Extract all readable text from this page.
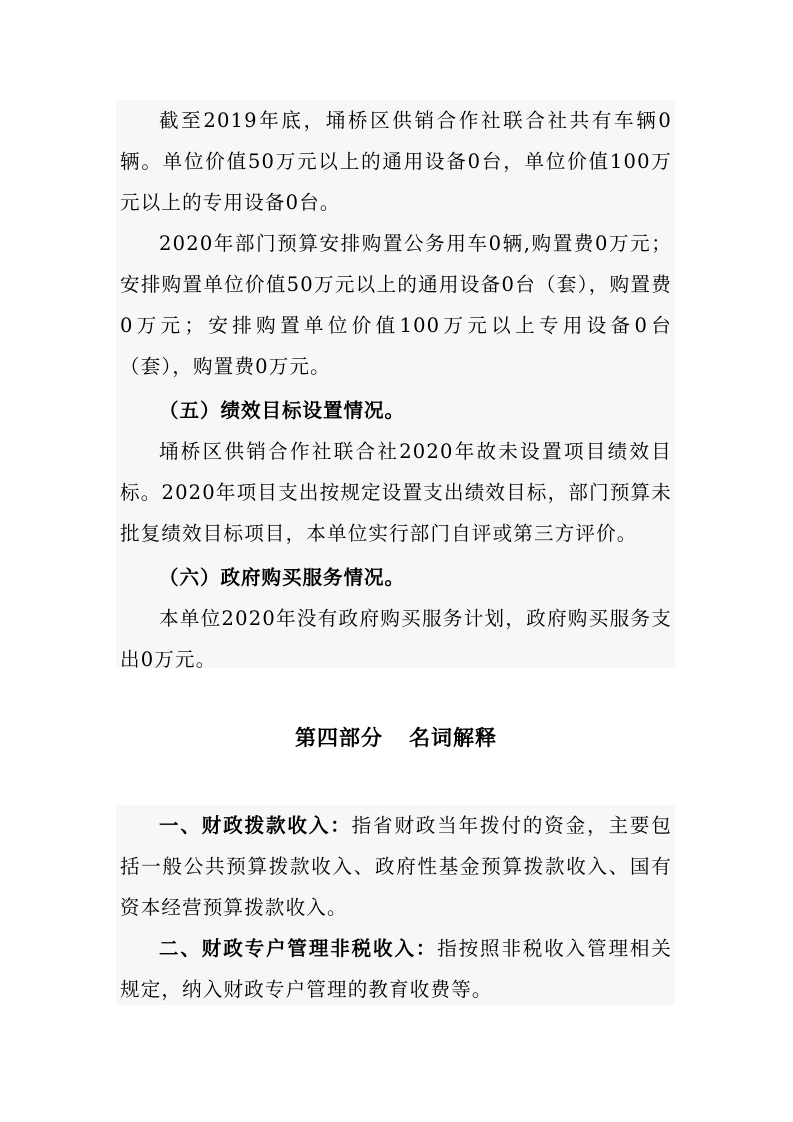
截至2019年底，埇桥区供销合作社联合社共有车辆0辆。单位价值50万元以上的通用设备0台，单位价值100万元以上的专用设备0台。

2020年部门预算安排购置公务用车0辆,购置费0万元；安排购置单位价值50万元以上的通用设备0台（套），购置费0万元；安排购置单位价值100万元以上专用设备0台（套），购置费0万元。

（五）绩效目标设置情况。

埇桥区供销合作社联合社2020年故未设置项目绩效目标。2020年项目支出按规定设置支出绩效目标，部门预算未批复绩效目标项目，本单位实行部门自评或第三方评价。

（六）政府购买服务情况。

本单位2020年没有政府购买服务计划，政府购买服务支出0万元。

第四部分 名词解释

一、财政拨款收入：指省财政当年拨付的资金，主要包括一般公共预算拨款收入、政府性基金预算拨款收入、国有资本经营预算拨款收入。

二、财政专户管理非税收入：指按照非税收入管理相关规定，纳入财政专户管理的教育收费等。
